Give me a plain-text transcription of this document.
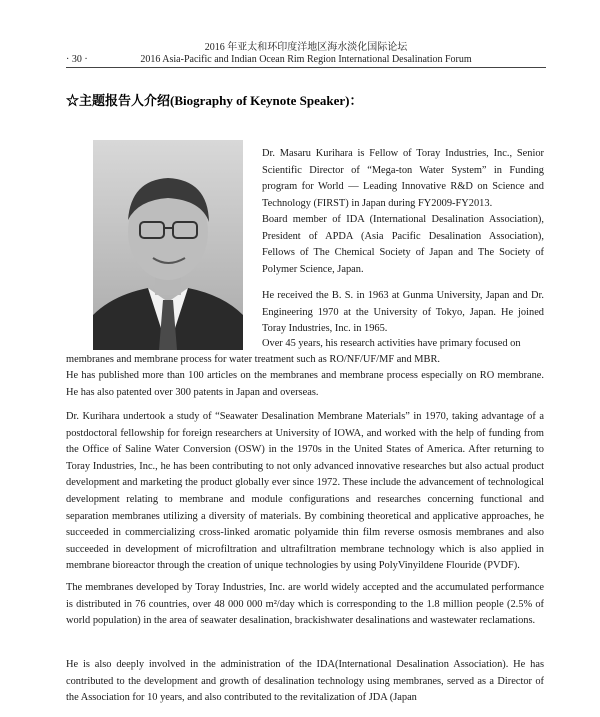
2016 年亚太和环印度洋地区海水淡化国际论坛
2016 Asia-Pacific and Indian Ocean Rim Region International Desalination Forum
· 30 ·
☆主题报告人介绍(Biography of Keynote Speaker)：
Dr. Masaru Kurihara is Fellow of Toray Industries, Inc., Senior Scientific Director of “Mega-ton Water System” in Funding program for World — Leading Innovative R&D on Science and Technology (FIRST) in Japan during FY2009-FY2013.
Board member of IDA (International Desalination Association), President of APDA (Asia Pacific Desalination Association), Fellows of The Chemical Society of Japan and The Society of Polymer Science, Japan.
He received the B. S. in 1963 at Gunma University, Japan and Dr. Engineering 1970 at the University of Tokyo, Japan. He joined Toray Industries, Inc. in 1965.
Over 45 years, his research activities have primary focused on
membranes and membrane process for water treatment such as RO/NF/UF/MF and MBR.
He has published more than 100 articles on the membranes and membrane process especially on RO membrane. He has also patented over 300 patents in Japan and overseas.
Dr. Kurihara undertook a study of “Seawater Desalination Membrane Materials” in 1970, taking advantage of a postdoctoral fellowship for foreign researchers at University of IOWA, and worked with the help of funding from the Office of Saline Water Conversion (OSW) in the 1970s in the United States of America. After returning to Toray Industries, Inc., he has been contributing to not only advanced innovative researches but also actual product development and marketing the product globally ever since 1972. These include the advancement of technological development relating to membrane and module configurations and researches concerning functional and separation membranes utilizing a diversity of materials. By combining theoretical and applicative approaches, he succeeded in commercializing cross-linked aromatic polyamide thin film reverse osmosis membranes and also succeeded in development of microfiltration and ultrafiltration membrane technology which is also applied in membrane bioreactor through the creation of unique technologies by using PolyVinyildene Flouride (PVDF).
The membranes developed by Toray Industries, Inc. are world widely accepted and the accumulated performance is distributed in 76 countries, over 48 000 000 m²/day which is corresponding to the 1.8 million people (2.5% of world population) in the area of seawater desalination, brackishwater desalinations and wastewater reclamations.
He is also deeply involved in the administration of the IDA(International Desalination Association). He has contributed to the development and growth of desalination technology using membranes, served as a Director of the Association for 10 years, and also contributed to the revitalization of JDA (Japan
